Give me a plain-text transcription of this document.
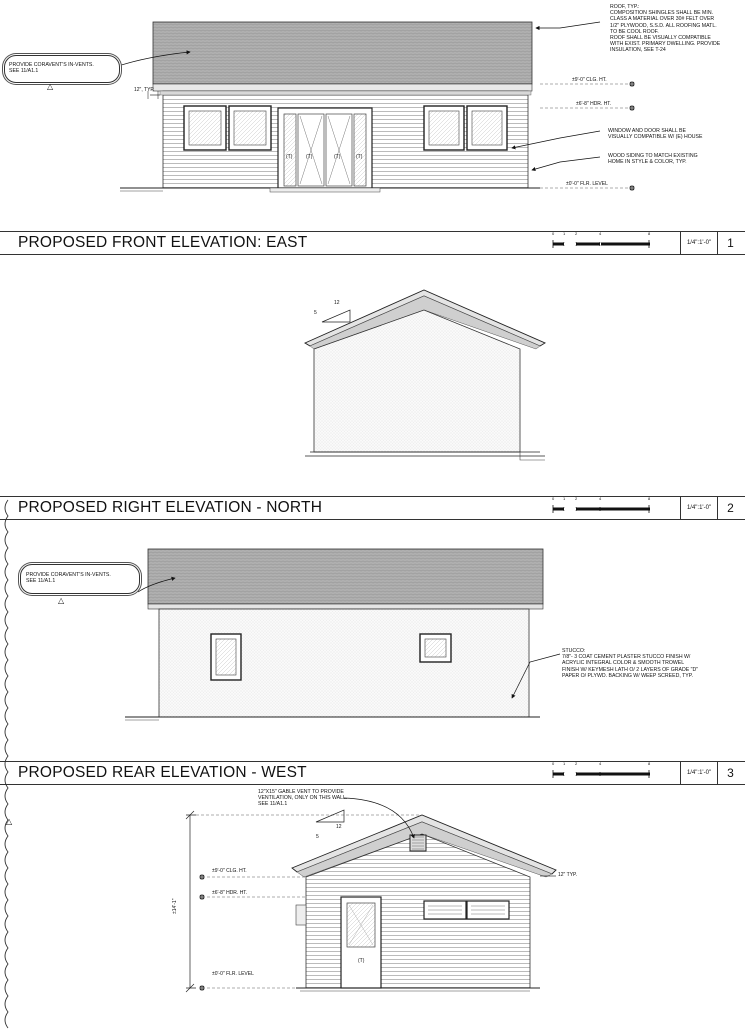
PROVIDE CORAVENT'S IN-VENTS.
SEE 11/A1.1
△
ROOF, TYP.:
COMPOSITION SHINGLES SHALL BE MIN.
CLASS A MATERIAL OVER 30# FELT OVER
1/2" PLYWOOD, S.S.D. ALL ROOFING MATL.
TO BE COOL ROOF.
ROOF SHALL BE VISUALLY COMPATIBLE
WITH EXIST. PRIMARY DWELLING. PROVIDE
INSULATION, SEE T-24
12", TYP.
±9'-0" CLG. HT.
±6'-8" HDR. HT.
WINDOW AND DOOR SHALL BE
VISUALLY COMPATIBLE W/ (E) HOUSE
WOOD SIDING TO MATCH EXISTING
HOME IN STYLE & COLOR, TYP.
±0'-0" FLR. LEVEL
(T)	(T)	(T)	(T)
PROPOSED FRONT ELEVATION: EAST
0 1 2	4	8
1/4":1'-0"	1
12
5
PROPOSED RIGHT ELEVATION - NORTH
0 1 2	4	8
1/4":1'-0"	2
PROVIDE CORAVENT'S IN-VENTS.
SEE 11/A1.1
△
STUCCO:
7/8"- 3 COAT CEMENT PLASTER STUCCO FINISH W/
ACRYLIC INTEGRAL COLOR & SMOOTH TROWEL
FINISH W/ KEYMESH LATH O/ 2 LAYERS OF GRADE "D"
PAPER O/ PLYWD. BACKING W/ WEEP SCREED, TYP.
PROPOSED REAR ELEVATION - WEST
0 1 2	4	8
1/4":1'-0"	3
△
12"X15" GABLE VENT TO PROVIDE
VENTILATION, ONLY ON THIS WALL.
SEE 11/A1.1
12
5
12" TYP.
±9'-0" CLG. HT.
±6'-8" HDR. HT.
±0'-0" FLR. LEVEL
±14'-1"
(T)
